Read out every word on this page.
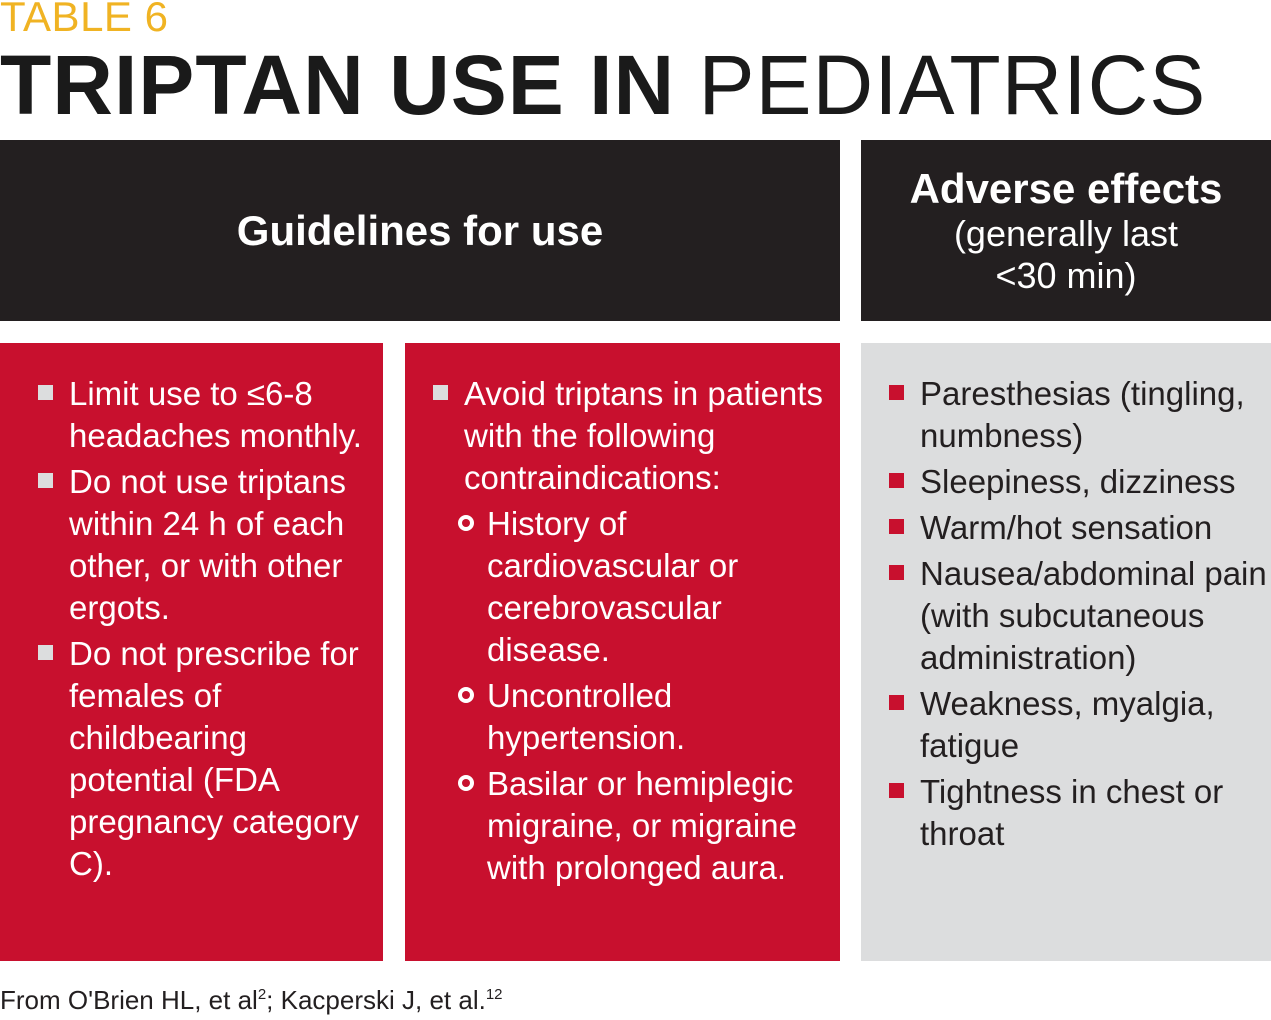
TABLE 6
TRIPTAN USE IN PEDIATRICS
Guidelines for use
Adverse effects
(generally last
<30 min)
Limit use to ≤6-8 headaches monthly.
Do not use triptans within 24 h of each other, or with other ergots.
Do not prescribe for females of childbearing potential (FDA pregnancy category C).
Avoid triptans in patients with the following contraindications:
History of cardiovascular or cerebrovascular disease.
Uncontrolled hypertension.
Basilar or hemiplegic migraine, or migraine with prolonged aura.
Paresthesias (tingling, numbness)
Sleepiness, dizziness
Warm/hot sensation
Nausea/abdominal pain (with subcutaneous administration)
Weakness, myalgia, fatigue
Tightness in chest or throat
From O'Brien HL, et $al^2$; Kacperski J, et al.$^{12}$
